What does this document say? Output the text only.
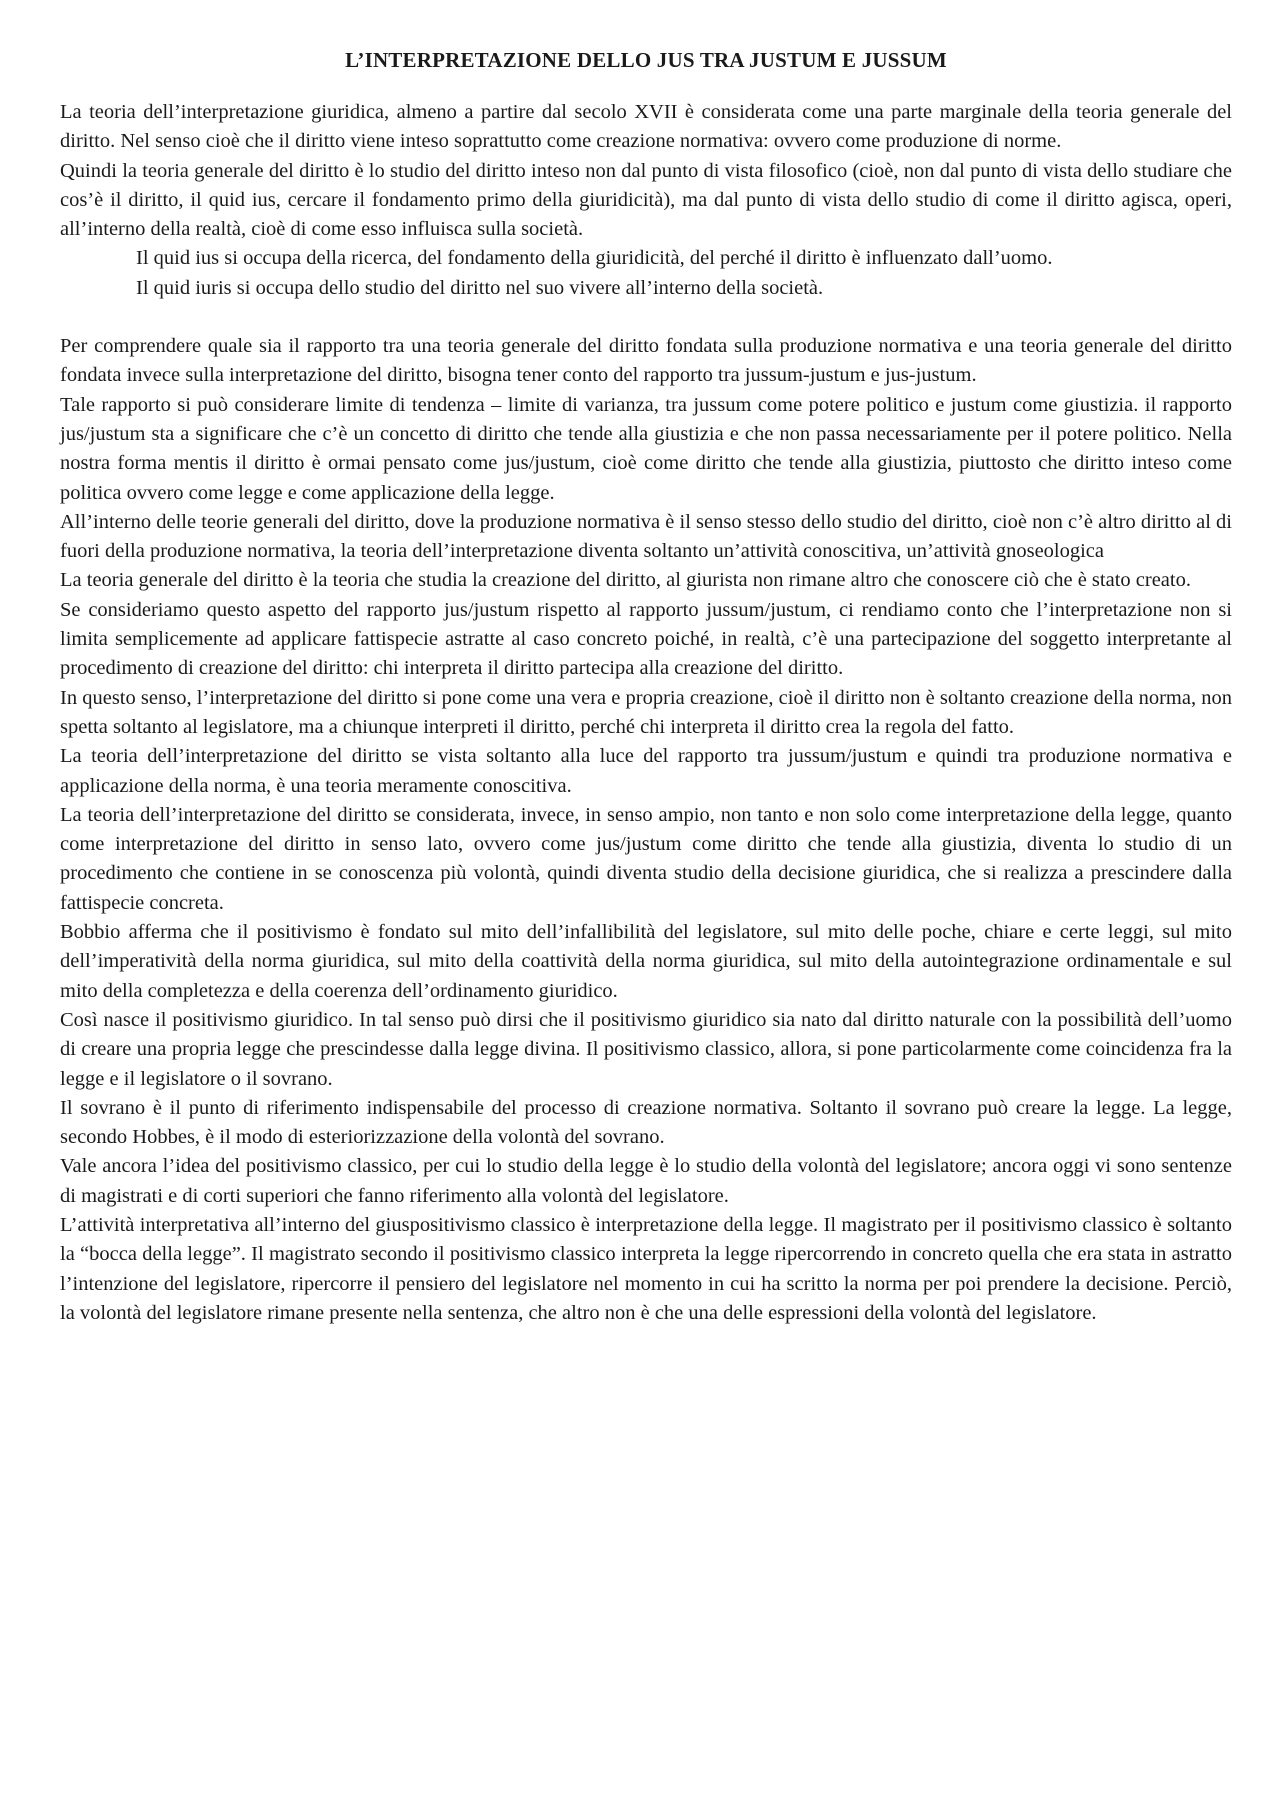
L’INTERPRETAZIONE DELLO JUS TRA JUSTUM E JUSSUM

La teoria dell’interpretazione giuridica, almeno a partire dal secolo XVII è considerata come una parte marginale della teoria generale del diritto. Nel senso cioè che il diritto viene inteso soprattutto come creazione normativa: ovvero come produzione di norme.

Quindi la teoria generale del diritto è lo studio del diritto inteso non dal punto di vista filosofico (cioè, non dal punto di vista dello studiare che cos’è il diritto, il quid ius, cercare il fondamento primo della giuridicità), ma dal punto di vista dello studio di come il diritto agisca, operi, all’interno della realtà, cioè di come esso influisca sulla società.

Il quid ius si occupa della ricerca, del fondamento della giuridicità, del perché il diritto è influenzato dall’uomo.

Il quid iuris si occupa dello studio del diritto nel suo vivere all’interno della società.

Per comprendere quale sia il rapporto tra una teoria generale del diritto fondata sulla produzione normativa e una teoria generale del diritto fondata invece sulla interpretazione del diritto, bisogna tener conto del rapporto tra jussum-justum e jus-justum.

Tale rapporto si può considerare limite di tendenza – limite di varianza, tra jussum come potere politico e justum come giustizia. il rapporto jus/justum sta a significare che c’è un concetto di diritto che tende alla giustizia e che non passa necessariamente per il potere politico. Nella nostra forma mentis il diritto è ormai pensato come jus/justum, cioè come diritto che tende alla giustizia, piuttosto che diritto inteso come politica ovvero come legge e come applicazione della legge.

All’interno delle teorie generali del diritto, dove la produzione normativa è il senso stesso dello studio del diritto, cioè non c’è altro diritto al di fuori della produzione normativa, la teoria dell’interpretazione diventa soltanto un’attività conoscitiva, un’attività gnoseologica

La teoria generale del diritto è la teoria che studia la creazione del diritto, al giurista non rimane altro che conoscere ciò che è stato creato.

Se consideriamo questo aspetto del rapporto jus/justum rispetto al rapporto jussum/justum, ci rendiamo conto che l’interpretazione non si limita semplicemente ad applicare fattispecie astratte al caso concreto poiché, in realtà, c’è una partecipazione del soggetto interpretante al procedimento di creazione del diritto: chi interpreta il diritto partecipa alla creazione del diritto.

In questo senso, l’interpretazione del diritto si pone come una vera e propria creazione, cioè il diritto non è soltanto creazione della norma, non spetta soltanto al legislatore, ma a chiunque interpreti il diritto, perché chi interpreta il diritto crea la regola del fatto.

La teoria dell’interpretazione del diritto se vista soltanto alla luce del rapporto tra jussum/justum e quindi tra produzione normativa e applicazione della norma, è una teoria meramente conoscitiva.

La teoria dell’interpretazione del diritto se considerata, invece, in senso ampio, non tanto e non solo come interpretazione della legge, quanto come interpretazione del diritto in senso lato, ovvero come jus/justum come diritto che tende alla giustizia, diventa lo studio di un procedimento che contiene in se conoscenza più volontà, quindi diventa studio della decisione giuridica, che si realizza a prescindere dalla fattispecie concreta.

Bobbio afferma che il positivismo è fondato sul mito dell’infallibilità del legislatore, sul mito delle poche, chiare e certe leggi, sul mito dell’imperatività della norma giuridica, sul mito della coattività della norma giuridica, sul mito della autointegrazione ordinamentale e sul mito della completezza e della coerenza dell’ordinamento giuridico.

Così nasce il positivismo giuridico. In tal senso può dirsi che il positivismo giuridico sia nato dal diritto naturale con la possibilità dell’uomo di creare una propria legge che prescindesse dalla legge divina. Il positivismo classico, allora, si pone particolarmente come coincidenza fra la legge e il legislatore o il sovrano.

Il sovrano è il punto di riferimento indispensabile del processo di creazione normativa. Soltanto il sovrano può creare la legge. La legge, secondo Hobbes, è il modo di esteriorizzazione della volontà del sovrano.

Vale ancora l’idea del positivismo classico, per cui lo studio della legge è lo studio della volontà del legislatore; ancora oggi vi sono sentenze di magistrati e di corti superiori che fanno riferimento alla volontà del legislatore.

L’attività interpretativa all’interno del giuspositivismo classico è interpretazione della legge. Il magistrato per il positivismo classico è soltanto la “bocca della legge”. Il magistrato secondo il positivismo classico interpreta la legge ripercorrendo in concreto quella che era stata in astratto l’intenzione del legislatore, ripercorre il pensiero del legislatore nel momento in cui ha scritto la norma per poi prendere la decisione. Perciò, la volontà del legislatore rimane presente nella sentenza, che altro non è che una delle espressioni della volontà del legislatore.
